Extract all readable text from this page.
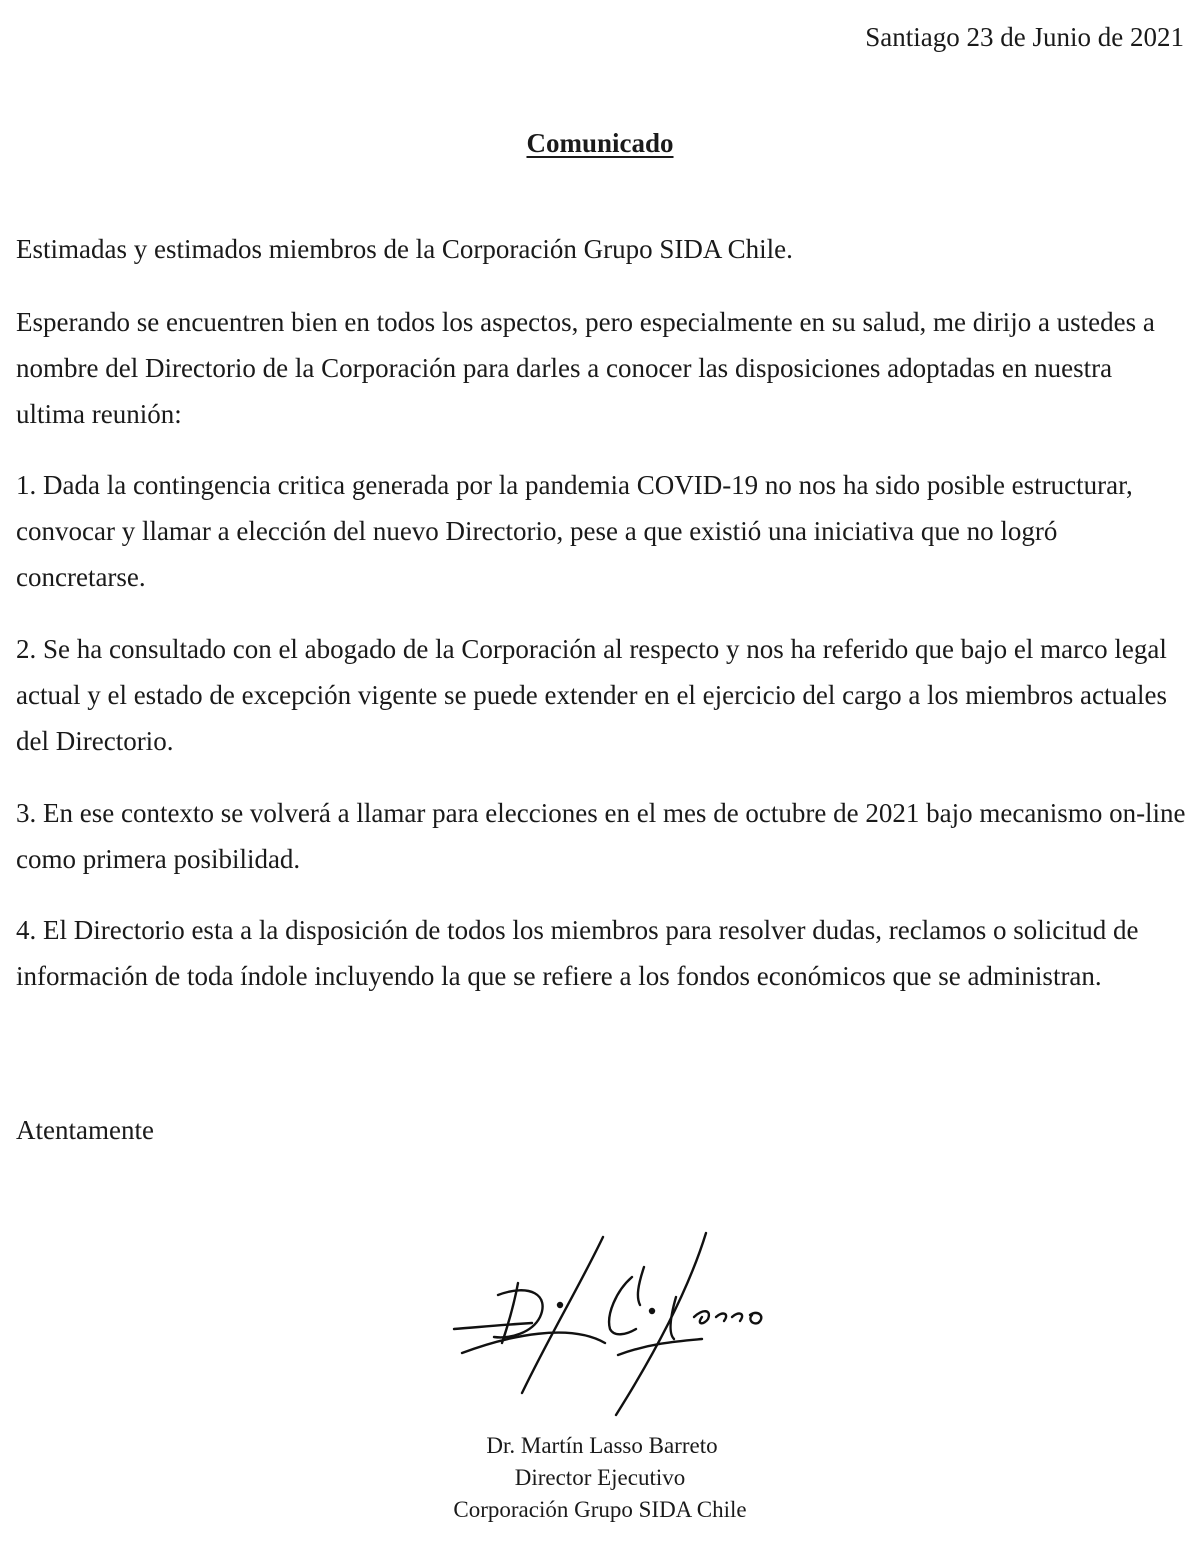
Santiago 23 de Junio de 2021
Comunicado

Estimadas y estimados miembros de la Corporación Grupo SIDA Chile.

Esperando se encuentren bien en todos los aspectos, pero especialmente en su salud, me dirijo a ustedes a nombre del Directorio de la Corporación para darles a conocer las disposiciones adoptadas en nuestra ultima reunión:

1. Dada la contingencia critica generada por la pandemia COVID-19 no nos ha sido posible estructurar, convocar y llamar a elección del nuevo Directorio, pese a que existió una iniciativa que no logró concretarse.

2. Se ha consultado con el abogado de la Corporación al respecto y nos ha referido que bajo el marco legal actual y el estado de excepción vigente se puede extender en el ejercicio del cargo a los miembros actuales del Directorio.

3. En ese contexto se volverá a llamar para elecciones en el mes de octubre de 2021 bajo mecanismo on-line como primera posibilidad.

4. El Directorio esta a la disposición de todos los miembros para resolver dudas, reclamos o solicitud de información de toda índole incluyendo la que se refiere a los fondos económicos que se administran.

Atentamente

Dr. Martín Lasso Barreto
Director Ejecutivo
Corporación Grupo SIDA Chile
